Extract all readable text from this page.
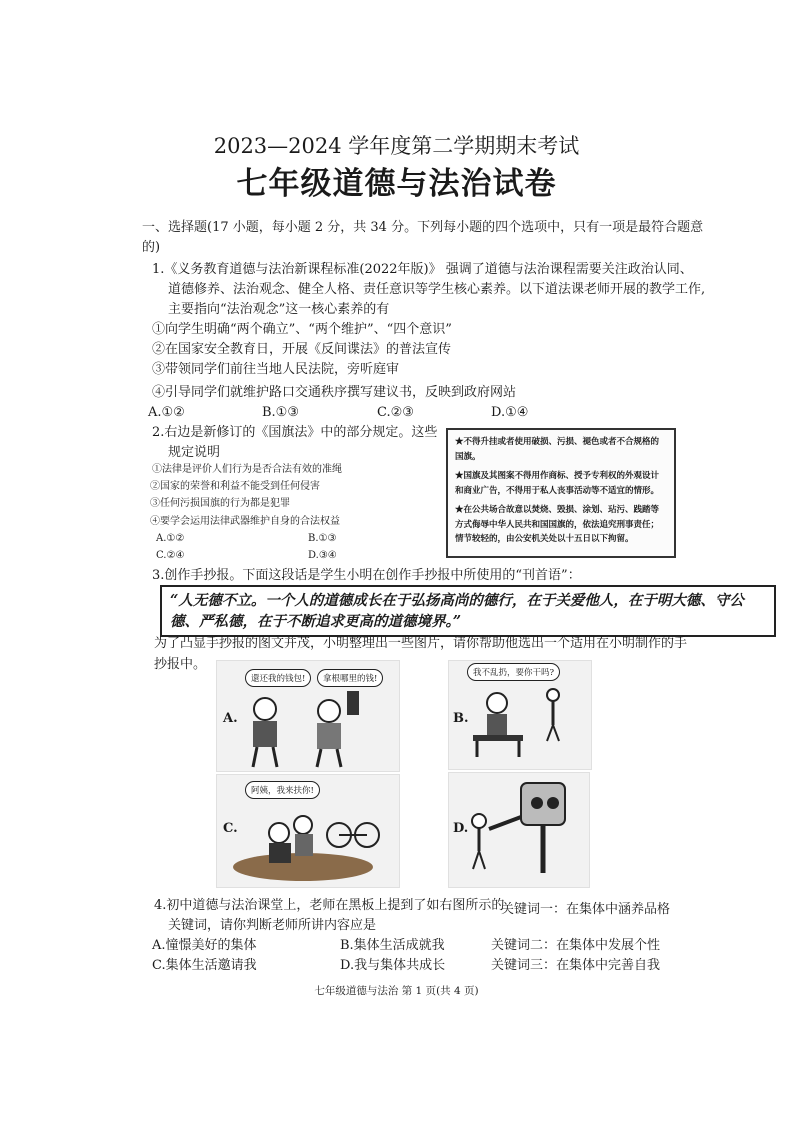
2023—2024 学年度第二学期期末考试
七年级道德与法治试卷
一、选择题(17 小题，每小题 2 分，共 34 分。下列每小题的四个选项中，只有一项是最符合题意
的)
1.《义务教育道德与法治新课程标准(2022年版)》 强调了道德与法治课程需要关注政治认同、
道德修养、法治观念、健全人格、责任意识等学生核心素养。以下道法课老师开展的教学工作,
主要指向“法治观念”这一核心素养的有
①向学生明确“两个确立”、“两个维护”、“四个意识”
②在国家安全教育日，开展《反间谍法》的普法宣传
③带领同学们前往当地人民法院，旁听庭审
④引导同学们就维护路口交通秩序撰写建议书，反映到政府网站
A.①②	B.①③	C.②③	D.①④
2.右边是新修订的《国旗法》中的部分规定。这些
规定说明
①法律是评价人们行为是否合法有效的准绳
②国家的荣誉和利益不能受到任何侵害
③任何污损国旗的行为都是犯罪
④要学会运用法律武器维护自身的合法权益
A.①②	B.①③
C.②④	D.③④
★不得升挂或者使用破损、污损、褪色或者不合规格的国旗。
★国旗及其图案不得用作商标、授予专利权的外观设计和商业广告，不得用于私人丧事活动等不适宜的情形。
★在公共场合故意以焚烧、毁损、涂划、玷污、践踏等方式侮辱中华人民共和国国旗的，依法追究刑事责任；情节较轻的，由公安机关处以十五日以下拘留。
3.创作手抄报。下面这段话是学生小明在创作手抄报中所使用的“刊首语”：
“人无德不立。一个人的道德成长在于弘扬高尚的德行，在于关爱他人，在于明大德、守公德、严私德，在于不断追求更高的道德境界。”
为了凸显手抄报的图文并茂，小明整理出一些图片，请你帮助他选出一个适用在小明制作的手
抄报中。
A.
還还我的钱包!	拿根哪里的钱!
B.
我不乱扔，要你干吗?
C.
阿姨，我来扶你!
D.
4.初中道德与法治课堂上，老师在黑板上提到了如右图所示的
关键词，请你判断老师所讲内容应是
A.憧憬美好的集体	B.集体生活成就我
C.集体生活邀请我	D.我与集体共成长
关键词一：在集体中涵养品格
关键词二：在集体中发展个性
关键词三：在集体中完善自我
七年级道德与法治 第 1 页(共 4 页)
